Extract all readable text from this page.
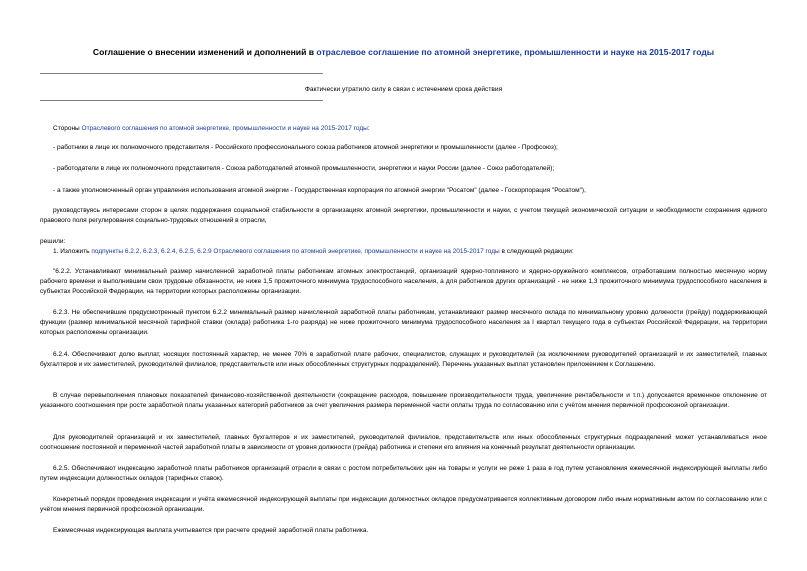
Соглашение о внесении изменений и дополнений в отраслевое соглашение по атомной энергетике, промышленности и науке на 2015-2017 годы
Фактически утратило силу в связи с истечением срока действия
Стороны Отраслевого соглашения по атомной энергетике, промышленности и науке на 2015-2017 годы:
- работники в лице их полномочного представителя - Российского профессионального союза работников атомной энергетики и промышленности (далее - Профсоюз);
- работодатели в лице их полномочного представителя - Союза работодателей атомной промышленности, энергетики и науки России (далее - Союз работодателей);
- а также уполномоченный орган управления использования атомной энергии - Государственная корпорация по атомной энергии "Росатом" (далее - Госкорпорация "Росатом"),
руководствуясь интересами сторон в целях поддержания социальной стабильности в организациях атомной энергетики, промышленности и науки, с учетом текущей экономической ситуации и необходимости сохранения единого правового поля регулирования социально-трудовых отношений в отрасли,
решили:
1. Изложить подпункты 6.2.2, 6.2.3, 6.2.4, 6.2.5, 6.2.9 Отраслевого соглашения по атомной энергетике, промышленности и науке на 2015-2017 годы в следующей редакции:
"6.2.2. Устанавливают минимальный размер начисленной заработной платы работникам атомных электростанций, организаций ядерно-топливного и ядерно-оружейного комплексов, отработавшим полностью месячную норму рабочего времени и выполнившим свои трудовые обязанности, не ниже 1,5 прожиточного минимума трудоспособного населения, а для работников других организаций - не ниже 1,3 прожиточного минимума трудоспособного населения в субъектах Российской Федерации, на территории которых расположены организации.
6.2.3. Не обеспечившие предусмотренный пунктом 6.2.2 минимальный размер начисленной заработной платы работникам, устанавливают размер месячного оклада по минимальному уровню должности (грейду) поддерживающей функции (размер минимальной месячной тарифной ставки (оклада) работника 1-го разряда) не ниже прожиточного минимума трудоспособного населения за I квартал текущего года в субъектах Российской Федерации, на территории которых расположены организации.
6.2.4. Обеспечивают долю выплат, носящих постоянный характер, не менее 70% в заработной плате рабочих, специалистов, служащих и руководителей (за исключением руководителей организаций и их заместителей, главных бухгалтеров и их заместителей, руководителей филиалов, представительств или иных обособленных структурных подразделений). Перечень указанных выплат установлен приложением к Соглашению.
В случае перевыполнения плановых показателей финансово-хозяйственной деятельности (сокращение расходов, повышение производительности труда, увеличение рентабельности и т.п.) допускается временное отклонение от указанного соотношения при росте заработной платы указанных категорий работников за счет увеличения размера переменной части оплаты труда по согласованию или с учётом мнения первичной профсоюзной организации.
Для руководителей организаций и их заместителей, главных бухгалтеров и их заместителей, руководителей филиалов, представительств или иных обособленных структурных подразделений может устанавливаться иное соотношение постоянной и переменной частей заработной платы в зависимости от уровня должности (грейда) работника и степени его влияния на конечный результат деятельности организации.
6.2.5. Обеспечивают индексацию заработной платы работников организаций отрасли в связи с ростом потребительских цен на товары и услуги не реже 1 раза в год путем установления ежемесячной индексирующей выплаты либо путем индексации должностных окладов (тарифных ставок).
Конкретный порядок проведения индексации и учёта ежемесячной индексирующей выплаты при индексации должностных окладов предусматривается коллективным договором либо иным нормативным актом по согласованию или с учётом мнения первичной профсоюзной организации.
Ежемесячная индексирующая выплата учитывается при расчете средней заработной платы работника.
